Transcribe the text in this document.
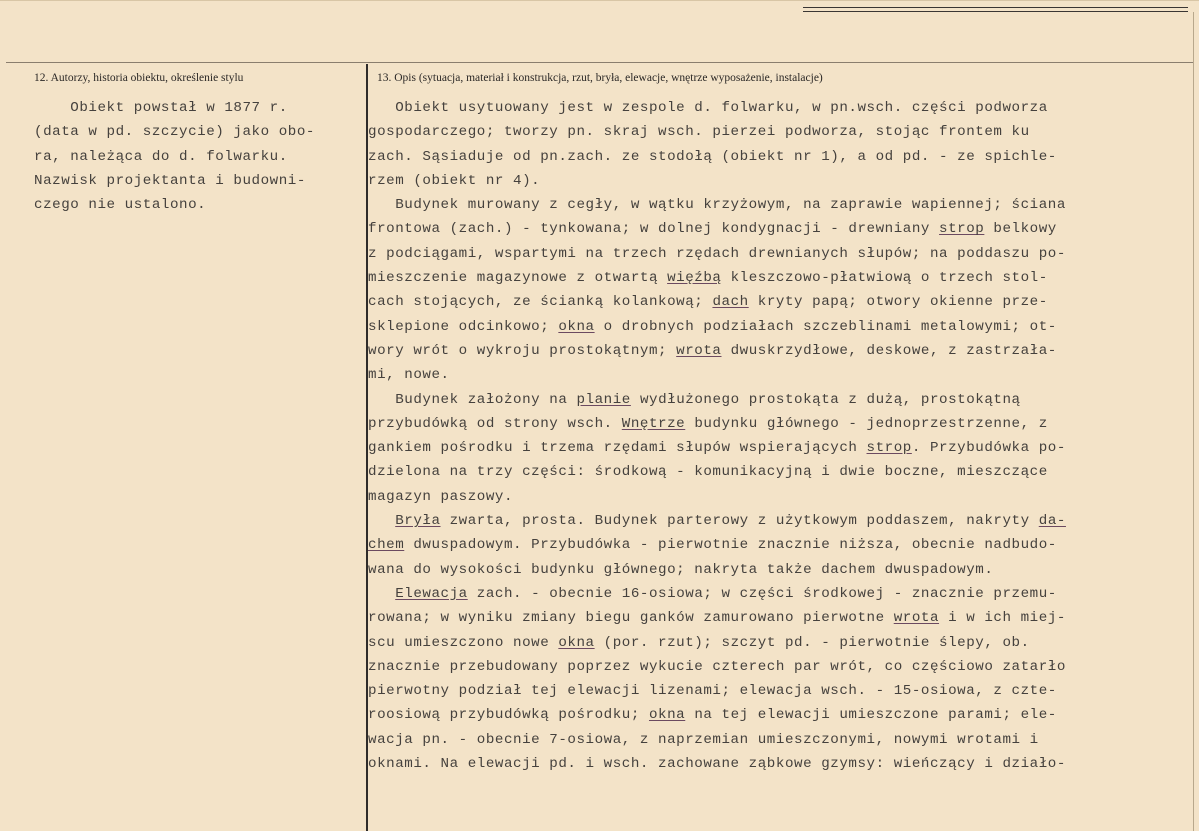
12. Autorzy, historia obiektu, określenie stylu	13. Opis (sytuacja, materiał i konstrukcja, rzut, bryła, elewacje, wnętrze wyposażenie, instalacje)
Obiekt powstał w 1877 r.
(data w pd. szczycie) jako obo-
ra, należąca do d. folwarku.
Nazwisk projektanta i budowni-
czego nie ustalono.
Obiekt usytuowany jest w zespole d. folwarku, w pn.wsch. części podworza
gospodarczego; tworzy pn. skraj wsch. pierzei podworza, stojąc frontem ku
zach. Sąsiaduje od pn.zach. ze stodołą (obiekt nr 1), a od pd. - ze spichle-
rzem (obiekt nr 4).
Budynek murowany z cegły, w wątku krzyżowym, na zaprawie wapiennej; ściana
frontowa (zach.) - tynkowana; w dolnej kondygnacji - drewniany strop belkowy
z podciągami, wspartymi na trzech rzędach drewnianych słupów; na poddaszu po-
mieszczenie magazynowe z otwartą więźbą kleszczowo-płatwiową o trzech stol-
cach stojących, ze ścianką kolankową; dach kryty papą; otwory okienne prze-
sklepione odcinkowo; okna o drobnych podziałach szczeblinami metalowymi; ot-
wory wrót o wykroju prostokątnym; wrota dwuskrzydłowe, deskowe, z zastrzała-
mi, nowe.
Budynek założony na planie wydłużonego prostokąta z dużą, prostokątną
przybudówką od strony wsch. Wnętrze budynku głównego - jednoprzestrzenne, z
gankiem pośrodku i trzema rzędami słupów wspierających strop. Przybudówka po-
dzielona na trzy części: środkową - komunikacyjną i dwie boczne, mieszczące
magazyn paszowy.
Bryła zwarta, prosta. Budynek parterowy z użytkowym poddaszem, nakryty da-
chem dwuspadowym. Przybudówka - pierwotnie znacznie niższa, obecnie nadbudo-
wana do wysokości budynku głównego; nakryta także dachem dwuspadowym.
Elewacja zach. - obecnie 16-osiowa; w części środkowej - znacznie przemu-
rowana; w wyniku zmiany biegu ganków zamurowano pierwotne wrota i w ich miej-
scu umieszczono nowe okna (por. rzut); szczyt pd. - pierwotnie ślepy, ob.
znacznie przebudowany poprzez wykucie czterech par wrót, co częściowo zatarło
pierwotny podział tej elewacji lizenami; elewacja wsch. - 15-osiowa, z czte-
roosiową przybudówką pośrodku; okna na tej elewacji umieszczone parami; ele-
wacja pn. - obecnie 7-osiowa, z naprzemian umieszczonymi, nowymi wrotami i
oknami. Na elewacji pd. i wsch. zachowane ząbkowe gzymsy: wieńczący i działo-
